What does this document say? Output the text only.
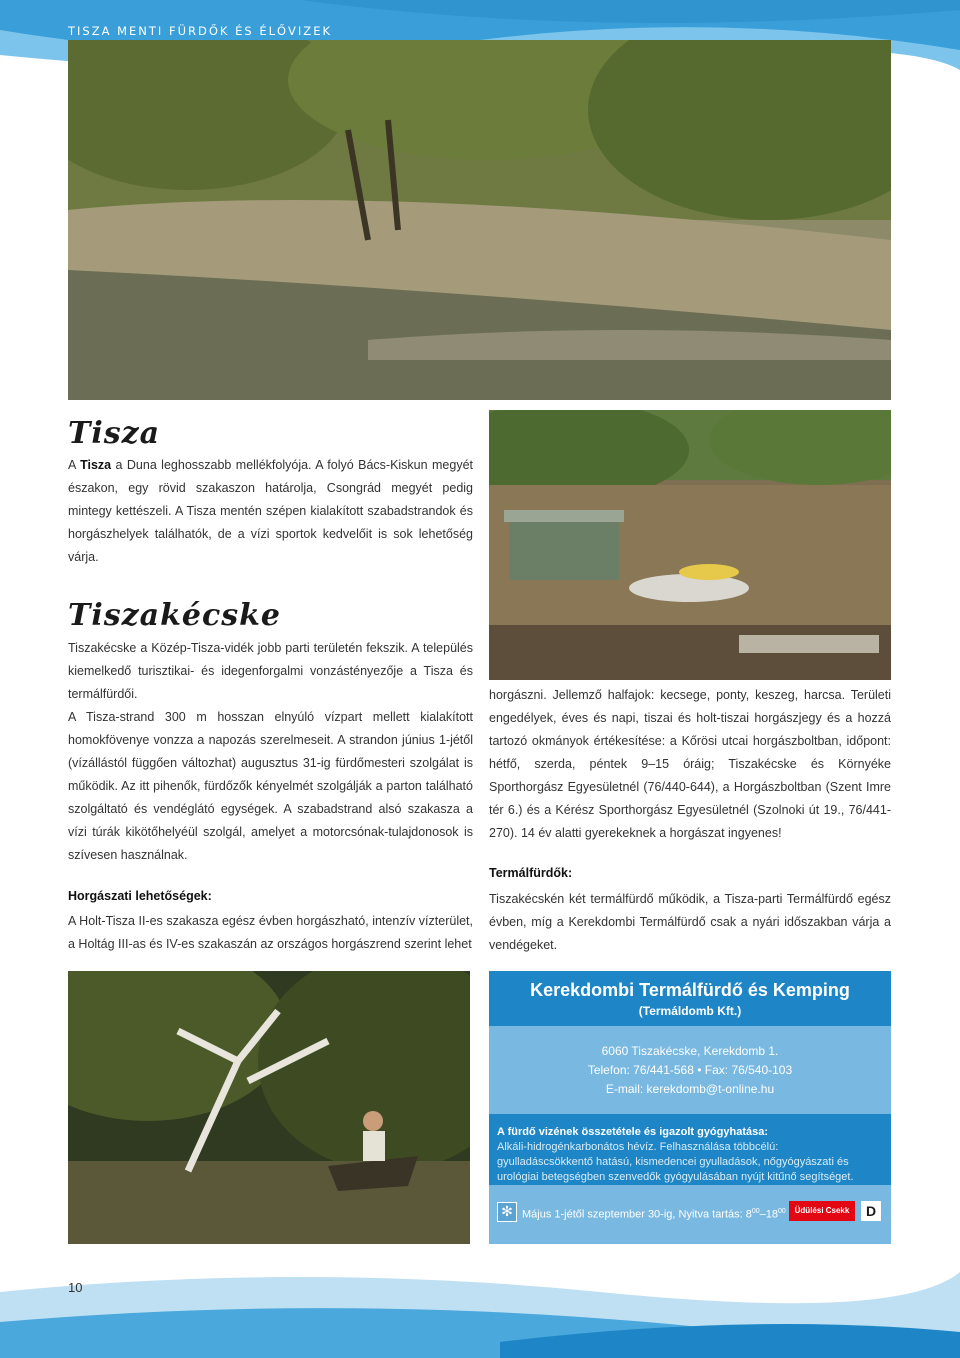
TISZA MENTI FÜRDŐK ÉS ÉLŐVIZEK
Tisza

A Tisza a Duna leghosszabb mellékfolyója. A folyó Bács-Kiskun megyét északon, egy rövid szakaszon határolja, Csongrád megyét pedig mintegy kettészeli. A Tisza mentén szépen kialakított szabadstrandok és horgászhelyek találhatók, de a vízi sportok kedvelőit is sok lehetőség várja.

Tiszakécske

Tiszakécske a Közép-Tisza-vidék jobb parti területén fekszik. A település kiemelkedő turisztikai- és idegenforgalmi vonzástényezője a Tisza és termálfürdői.

A Tisza-strand 300 m hosszan elnyúló vízpart mellett kialakított homokfövenye vonzza a napozás szerelmeseit. A strandon június 1-jétől (vízállástól függően változhat) augusztus 31-ig fürdőmesteri szolgálat is működik. Az itt pihenők, fürdőzők kényelmét szolgálják a parton található szolgáltató és vendéglátó egységek. A szabadstrand alsó szakasza a vízi túrák kikötőhelyéül szolgál, amelyet a motorcsónak-tulajdonosok is szívesen használnak.

Horgászati lehetőségek:
A Holt-Tisza II-es szakasza egész évben horgászható, intenzív vízterület, a Holtág III-as és IV-es szakaszán az országos horgászrend szerint lehet
horgászni. Jellemző halfajok: kecsege, ponty, keszeg, harcsa. Területi engedélyek, éves és napi, tiszai és holt-tiszai horgászjegy és a hozzá tartozó okmányok értékesítése: a Kőrösi utcai horgászboltban, időpont: hétfő, szerda, péntek 9–15 óráig; Tiszakécske és Környéke Sporthorgász Egyesületnél (76/440-644), a Horgászboltban (Szent Imre tér 6.) és a Kérész Sporthorgász Egyesületnél (Szolnoki út 19., 76/441-270). 14 év alatti gyerekeknek a horgászat ingyenes!
Termálfürdők:
Tiszakécskén két termálfürdő működik, a Tisza-parti Termálfürdő egész évben, míg a Kerekdombi Termálfürdő csak a nyári időszakban várja a vendégeket.
Kerekdombi Termálfürdő és Kemping
(Termáldomb Kft.)
6060 Tiszakécske, Kerekdomb 1.
Telefon: 76/441-568 • Fax: 76/540-103
E-mail: kerekdomb@t-online.hu
A fürdő vizének összetétele és igazolt gyógyhatása:
Alkáli-hidrogénkarbonátos hévíz. Felhasználása többcélú:
gyulladáscsökkentő hatású, kismedencei gyulladások, nőgyógyászati és urológiai betegségben szenvedők gyógyulásában nyújt kitűnő segítséget.
✻ Május 1-jétől szeptember 30-ig, Nyitva tartás: $8^{00}-18^{00}$	Üdülési Csekk	D
10
